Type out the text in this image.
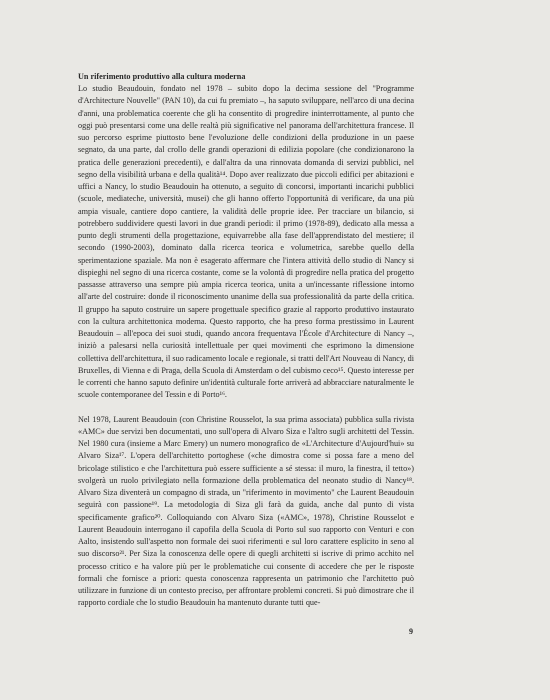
Un riferimento produttivo alla cultura moderna

Lo studio Beaudouin, fondato nel 1978 – subito dopo la decima sessione del "Programme d'Architecture Nouvelle" (PAN 10), da cui fu premiato –, ha saputo sviluppare, nell'arco di una decina d'anni, una problematica coerente che gli ha consentito di progredire ininterrottamente, al punto che oggi può presentarsi come una delle realtà più significative nel panorama dell'architettura francese. Il suo percorso esprime piuttosto bene l'evoluzione delle condizioni della produzione in un paese segnato, da una parte, dal crollo delle grandi operazioni di edilizia popolare (che condizionarono la pratica delle generazioni precedenti), e dall'altra da una rinnovata domanda di servizi pubblici, nel segno della visibilità urbana e della qualità¹⁴. Dopo aver realizzato due piccoli edifici per abitazioni e uffici a Nancy, lo studio Beaudouin ha ottenuto, a seguito di concorsi, importanti incarichi pubblici (scuole, mediateche, università, musei) che gli hanno offerto l'opportunità di verificare, da una più ampia visuale, cantiere dopo cantiere, la validità delle proprie idee. Per tracciare un bilancio, si potrebbero suddividere questi lavori in due grandi periodi: il primo (1978-89), dedicato alla messa a punto degli strumenti della progettazione, equivarrebbe alla fase dell'apprendistato del mestiere; il secondo (1990-2003), dominato dalla ricerca teorica e volumetrica, sarebbe quello della sperimentazione spaziale. Ma non è esagerato affermare che l'intera attività dello studio di Nancy si dispieghi nel segno di una ricerca costante, come se la volontà di progredire nella pratica del progetto passasse attraverso una sempre più ampia ricerca teorica, unita a un'incessante riflessione intorno all'arte del costruire: donde il riconoscimento unanime della sua professionalità da parte della critica. Il gruppo ha saputo costruire un sapere progettuale specifico grazie al rapporto produttivo instaurato con la cultura architettonica moderna. Questo rapporto, che ha preso forma prestissimo in Laurent Beaudouin – all'epoca dei suoi studi, quando ancora frequentava l'École d'Architecture di Nancy –, iniziò a palesarsi nella curiosità intellettuale per quei movimenti che esprimono la dimensione collettiva dell'architettura, il suo radicamento locale e regionale, si tratti dell'Art Nouveau di Nancy, di Bruxelles, di Vienna e di Praga, della Scuola di Amsterdam o del cubismo ceco¹⁵. Questo interesse per le correnti che hanno saputo definire un'identità culturale forte arriverà ad abbracciare naturalmente le scuole contemporanee del Tessin e di Porto¹⁶.

Nel 1978, Laurent Beaudouin (con Christine Rousselot, la sua prima associata) pubblica sulla rivista «AMC» due servizi ben documentati, uno sull'opera di Alvaro Siza e l'altro sugli architetti del Tessin. Nel 1980 cura (insieme a Marc Emery) un numero monografico de «L'Architecture d'Aujourd'hui» su Alvaro Siza¹⁷. L'opera dell'architetto portoghese («che dimostra come si possa fare a meno del bricolage stilistico e che l'architettura può essere sufficiente a sé stessa: il muro, la finestra, il tetto») svolgerà un ruolo privilegiato nella formazione della problematica del neonato studio di Nancy¹⁸. Alvaro Siza diventerà un compagno di strada, un "riferimento in movimento" che Laurent Beaudouin seguirà con passione¹⁹. La metodologia di Siza gli farà da guida, anche dal punto di vista specificamente grafico²⁰. Colloquiando con Alvaro Siza («AMC», 1978), Christine Rousselot e Laurent Beaudouin interrogano il capofila della Scuola di Porto sul suo rapporto con Venturi e con Aalto, insistendo sull'aspetto non formale dei suoi riferimenti e sul loro carattere esplicito in seno al suo discorso²¹. Per Siza la conoscenza delle opere di quegli architetti si iscrive di primo acchito nel processo critico e ha valore più per le problematiche cui consente di accedere che per le risposte formali che fornisce a priori: questa conoscenza rappresenta un patrimonio che l'architetto può utilizzare in funzione di un contesto preciso, per affrontare problemi concreti. Si può dimostrare che il rapporto cordiale che lo studio Beaudouin ha mantenuto durante tutti que-

9
